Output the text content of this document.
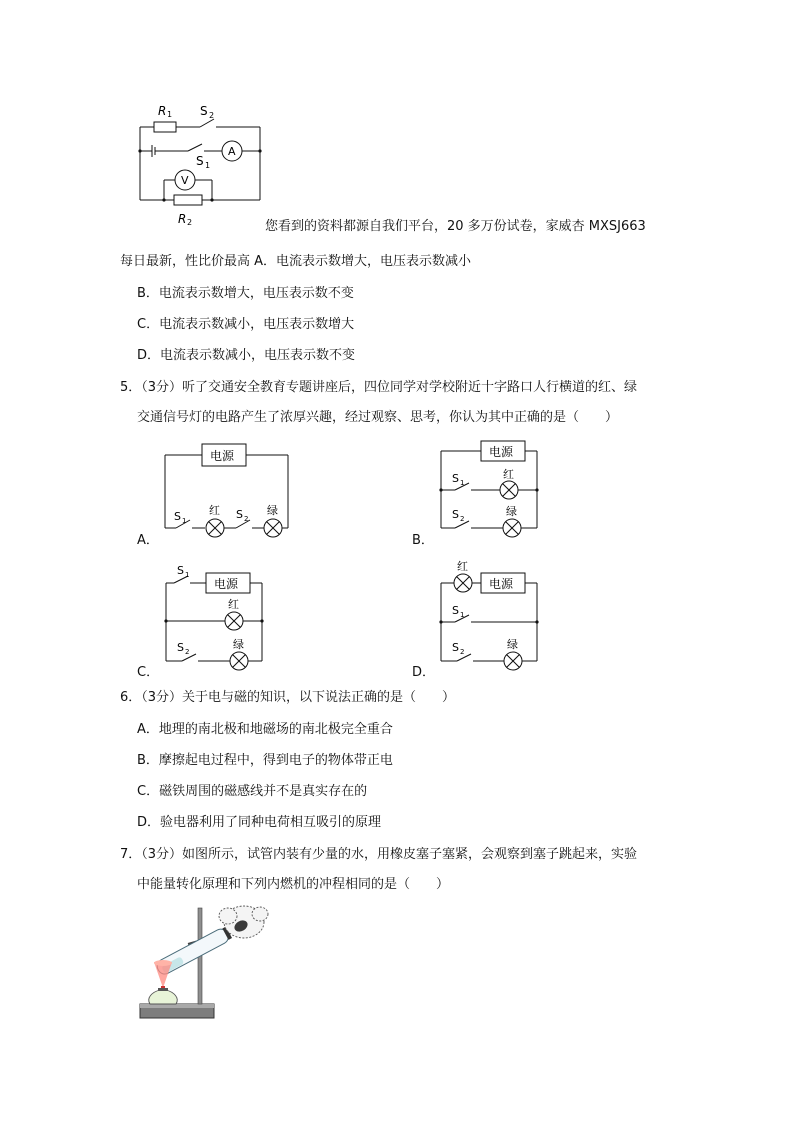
R 1 S 2
S 1
A
V
R 2	您看到的资料都源自我们平台，20 多万份试卷，家威杏 MXSJ663
每日最新，性比价最高 A．电流表示数增大，电压表示数减小
B．电流表示数增大，电压表示数不变
C．电流表示数减小，电压表示数增大
D．电流表示数减小，电压表示数不变
5．（3分）听了交通安全教育专题讲座后，四位同学对学校附近十字路口人行横道的红、绿
交通信号灯的电路产生了浓厚兴趣，经过观察、思考，你认为其中正确的是（　　）
A．
电源
S 1
红 S 2
绿
B．
电源
S 1
红
S 2
绿
C．
电源
S 1
红
S 2
绿
D．
电源
红
S 1
S 2
绿
6．（3分）关于电与磁的知识，以下说法正确的是（　　）
A．地理的南北极和地磁场的南北极完全重合
B．摩擦起电过程中，得到电子的物体带正电
C．磁铁周围的磁感线并不是真实存在的
D．验电器利用了同种电荷相互吸引的原理
7．（3分）如图所示，试管内装有少量的水，用橡皮塞子塞紧，会观察到塞子跳起来，实验
中能量转化原理和下列内燃机的冲程相同的是（　　）
